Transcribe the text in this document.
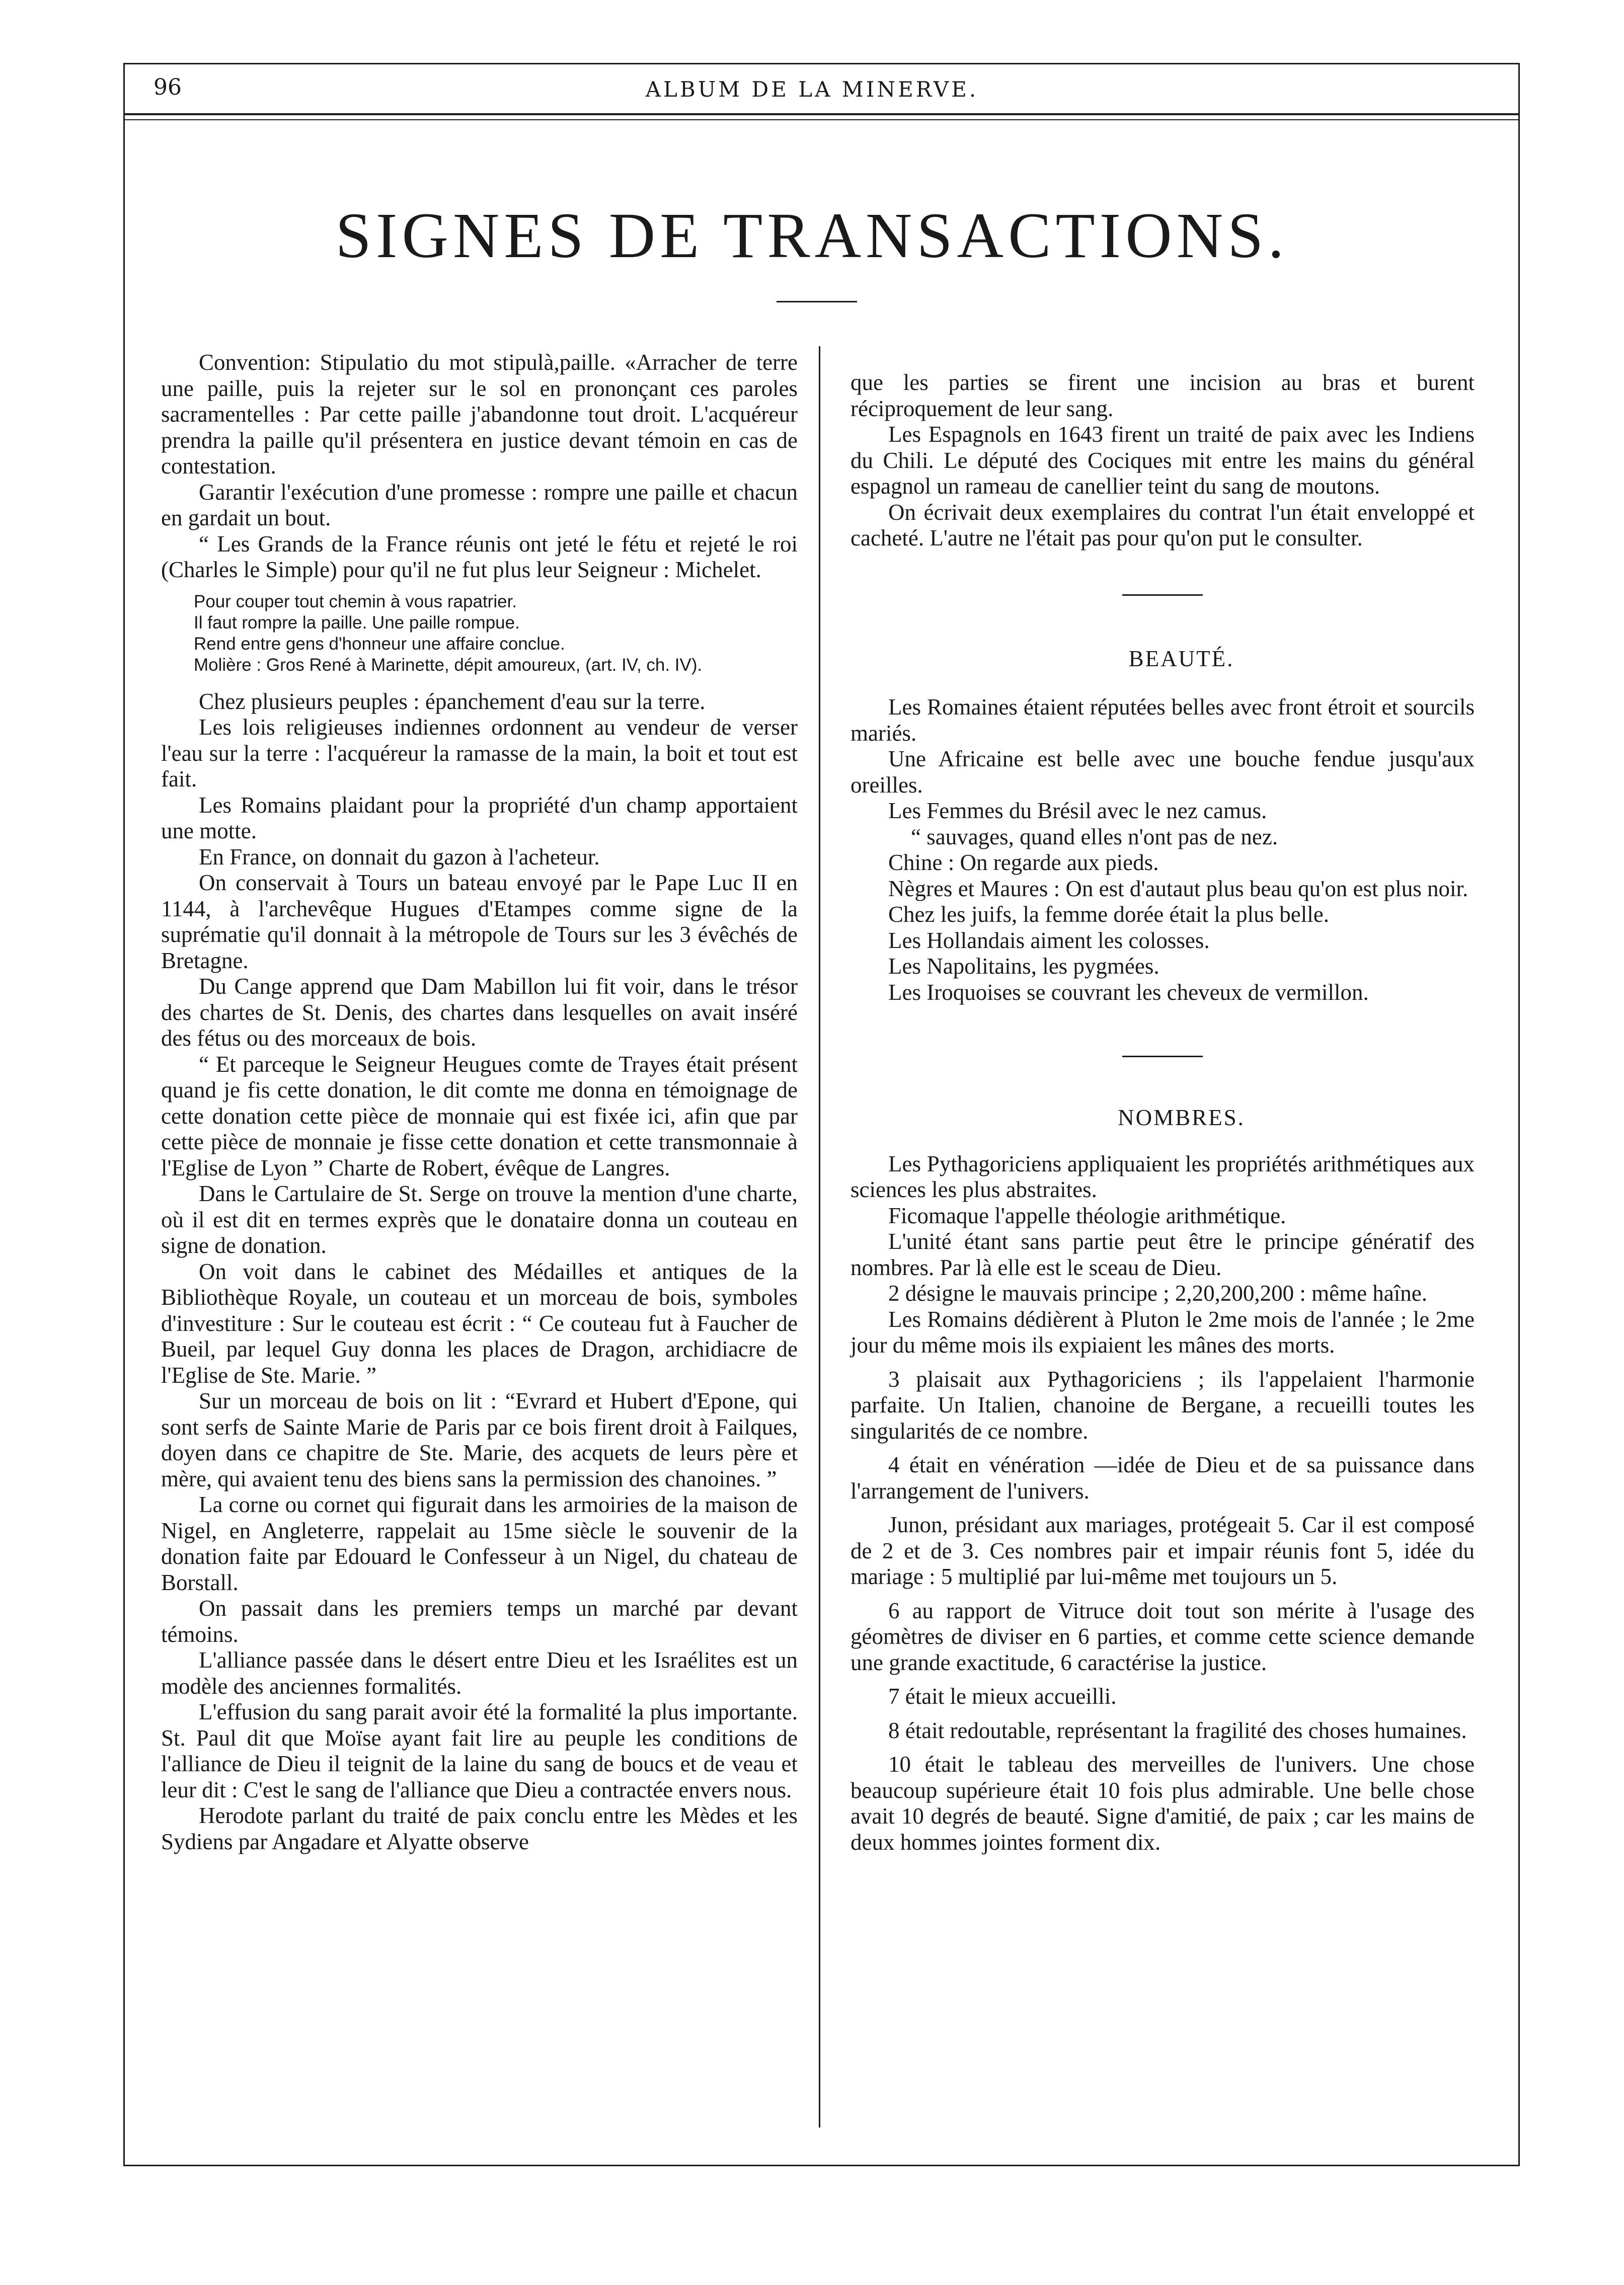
96	ALBUM DE LA MINERVE.
SIGNES DE TRANSACTIONS.

Convention: Stipulatio du mot stipulà,paille. «Arracher de terre une paille, puis la rejeter sur le sol en prononçant ces paroles sacramentelles : Par cette paille j'abandonne tout droit. L'acquéreur prendra la paille qu'il présentera en justice devant témoin en cas de contestation.

Garantir l'exécution d'une promesse : rompre une paille et chacun en gardait un bout.

“ Les Grands de la France réunis ont jeté le fétu et rejeté le roi (Charles le Simple) pour qu'il ne fut plus leur Seigneur : Michelet.

Pour couper tout chemin à vous rapatrier.
Il faut rompre la paille. Une paille rompue.
Rend entre gens d'honneur une affaire conclue.
Molière : Gros René à Marinette, dépit amoureux, (art. IV, ch. IV).

Chez plusieurs peuples : épanchement d'eau sur la terre.

Les lois religieuses indiennes ordonnent au vendeur de verser l'eau sur la terre : l'acquéreur la ramasse de la main, la boit et tout est fait.

Les Romains plaidant pour la propriété d'un champ apportaient une motte.

En France, on donnait du gazon à l'acheteur.

On conservait à Tours un bateau envoyé par le Pape Luc II en 1144, à l'archevêque Hugues d'Etampes comme signe de la suprématie qu'il donnait à la métropole de Tours sur les 3 évêchés de Bretagne.

Du Cange apprend que Dam Mabillon lui fit voir, dans le trésor des chartes de St. Denis, des chartes dans lesquelles on avait inséré des fétus ou des morceaux de bois.

“ Et parceque le Seigneur Heugues comte de Trayes était présent quand je fis cette donation, le dit comte me donna en témoignage de cette donation cette pièce de monnaie qui est fixée ici, afin que par cette pièce de monnaie je fisse cette donation et cette transmonnaie à l'Eglise de Lyon ” Charte de Robert, évêque de Langres.

Dans le Cartulaire de St. Serge on trouve la mention d'une charte, où il est dit en termes exprès que le donataire donna un couteau en signe de donation.

On voit dans le cabinet des Médailles et antiques de la Bibliothèque Royale, un couteau et un morceau de bois, symboles d'investiture : Sur le couteau est écrit : “ Ce couteau fut à Faucher de Bueil, par lequel Guy donna les places de Dragon, archidiacre de l'Eglise de Ste. Marie. ”

Sur un morceau de bois on lit : “Evrard et Hubert d'Epone, qui sont serfs de Sainte Marie de Paris par ce bois firent droit à Failques, doyen dans ce chapitre de Ste. Marie, des acquets de leurs père et mère, qui avaient tenu des biens sans la permission des chanoines. ”

La corne ou cornet qui figurait dans les armoiries de la maison de Nigel, en Angleterre, rappelait au 15me siècle le souvenir de la donation faite par Edouard le Confesseur à un Nigel, du chateau de Borstall.

On passait dans les premiers temps un marché par devant témoins.

L'alliance passée dans le désert entre Dieu et les Israélites est un modèle des anciennes formalités.

L'effusion du sang parait avoir été la formalité la plus importante. St. Paul dit que Moïse ayant fait lire au peuple les conditions de l'alliance de Dieu il teignit de la laine du sang de boucs et de veau et leur dit : C'est le sang de l'alliance que Dieu a contractée envers nous.

Herodote parlant du traité de paix conclu entre les Mèdes et les Sydiens par Angadare et Alyatte observe

que les parties se firent une incision au bras et burent réciproquement de leur sang.

Les Espagnols en 1643 firent un traité de paix avec les Indiens du Chili. Le député des Cociques mit entre les mains du général espagnol un rameau de canellier teint du sang de moutons.

On écrivait deux exemplaires du contrat l'un était enveloppé et cacheté. L'autre ne l'était pas pour qu'on put le consulter.

BEAUTÉ.

Les Romaines étaient réputées belles avec front étroit et sourcils mariés.

Une Africaine est belle avec une bouche fendue jusqu'aux oreilles.

Les Femmes du Brésil avec le nez camus.

“ sauvages, quand elles n'ont pas de nez.

Chine : On regarde aux pieds.

Nègres et Maures : On est d'autaut plus beau qu'on est plus noir.

Chez les juifs, la femme dorée était la plus belle.

Les Hollandais aiment les colosses.

Les Napolitains, les pygmées.

Les Iroquoises se couvrant les cheveux de vermillon.

NOMBRES.

Les Pythagoriciens appliquaient les propriétés arithmétiques aux sciences les plus abstraites.

Ficomaque l'appelle théologie arithmétique.

L'unité étant sans partie peut être le principe génératif des nombres. Par là elle est le sceau de Dieu.

2 désigne le mauvais principe ; 2,20,200,200 : même haîne.

Les Romains dédièrent à Pluton le 2me mois de l'année ; le 2me jour du même mois ils expiaient les mânes des morts.

3 plaisait aux Pythagoriciens ; ils l'appelaient l'harmonie parfaite. Un Italien, chanoine de Bergane, a recueilli toutes les singularités de ce nombre.

4 était en vénération —idée de Dieu et de sa puissance dans l'arrangement de l'univers.

Junon, présidant aux mariages, protégeait 5. Car il est composé de 2 et de 3. Ces nombres pair et impair réunis font 5, idée du mariage : 5 multiplié par lui-même met toujours un 5.

6 au rapport de Vitruce doit tout son mérite à l'usage des géomètres de diviser en 6 parties, et comme cette science demande une grande exactitude, 6 caractérise la justice.

7 était le mieux accueilli.

8 était redoutable, représentant la fragilité des choses humaines.

10 était le tableau des merveilles de l'univers. Une chose beaucoup supérieure était 10 fois plus admirable. Une belle chose avait 10 degrés de beauté. Signe d'amitié, de paix ; car les mains de deux hommes jointes forment dix.
